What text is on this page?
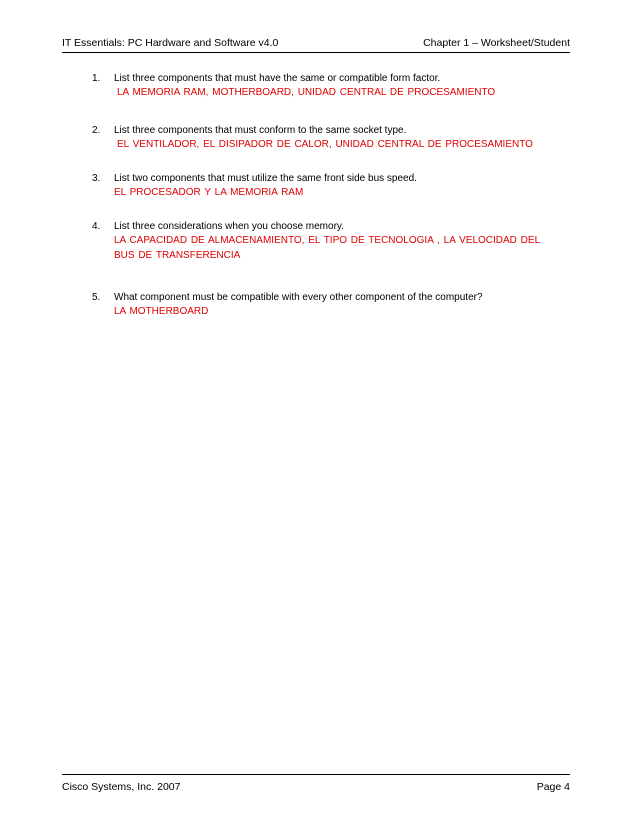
IT Essentials: PC Hardware and Software v4.0	Chapter 1 – Worksheet/Student
1. List three components that must have the same or compatible form factor.
LA MEMORIA RAM, MOTHERBOARD, UNIDAD CENTRAL DE PROCESAMIENTO
2. List three components that must conform to the same socket type.
EL VENTILADOR, EL DISIPADOR DE CALOR, UNIDAD CENTRAL DE PROCESAMIENTO
3. List two components that must utilize the same front side bus speed.
EL PROCESADOR Y LA MEMORIA RAM
4. List three considerations when you choose memory.
LA CAPACIDAD DE ALMACENAMIENTO, EL TIPO DE TECNOLOGIA , LA VELOCIDAD DEL BUS DE TRANSFERENCIA
5. What component must be compatible with every other component of the computer?
LA MOTHERBOARD
Cisco Systems, Inc. 2007	Page 4
